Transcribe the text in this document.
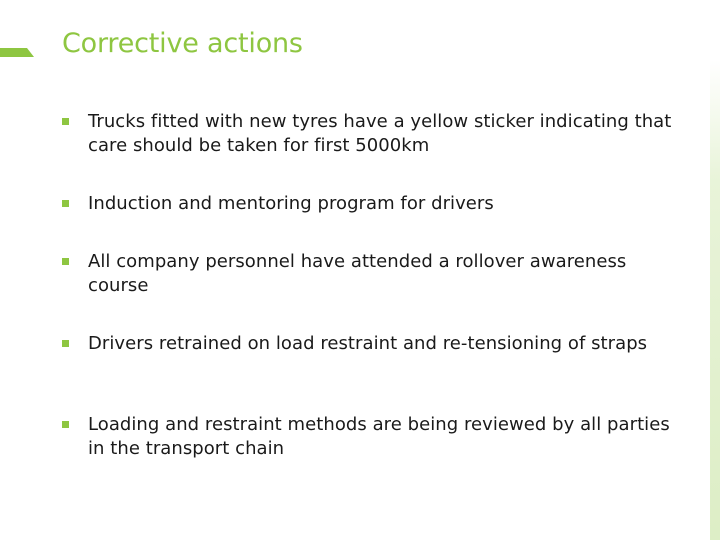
Corrective actions
Trucks fitted with new tyres have a yellow sticker indicating that care should be taken for first 5000km
Induction and mentoring program for drivers
All company personnel have attended a rollover awareness course
Drivers retrained on load restraint and re-tensioning of straps
Loading and restraint methods are being reviewed by all parties in the transport chain
